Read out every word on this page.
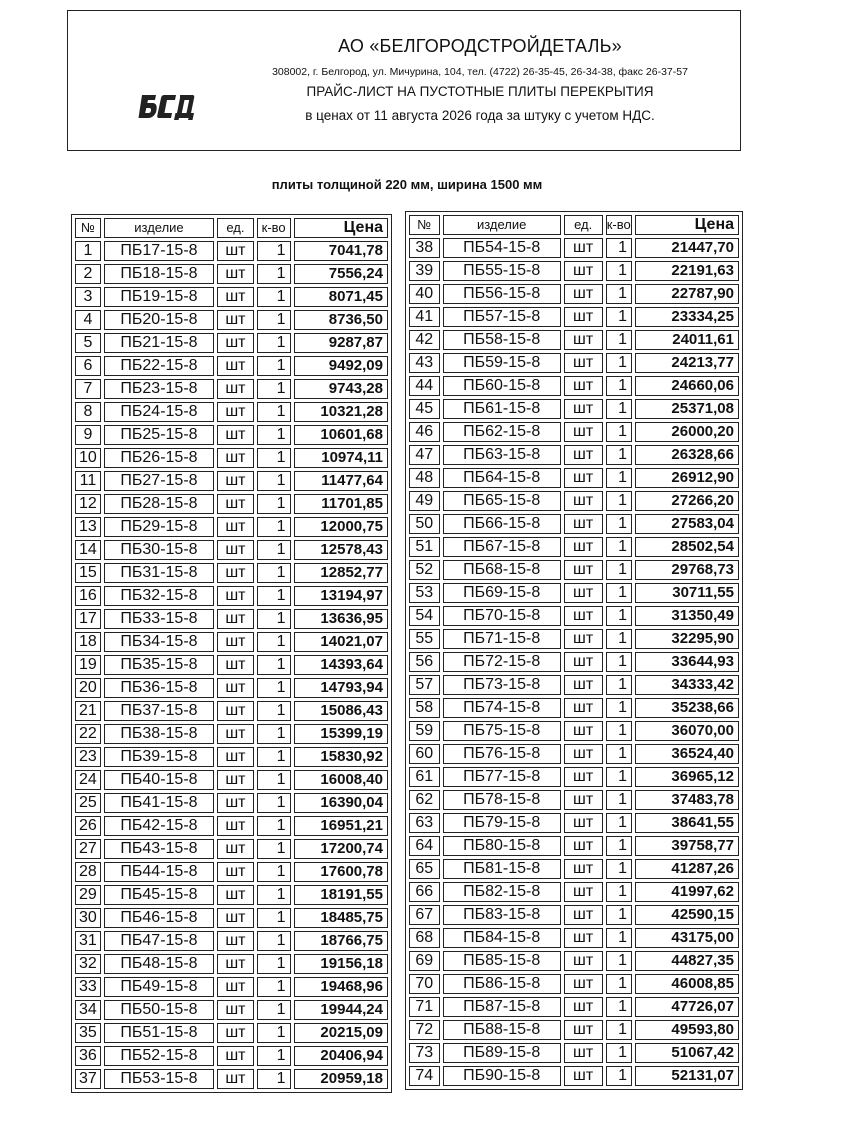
АО «БЕЛГОРОДСТРОЙДЕТАЛЬ»
308002, г. Белгород, ул. Мичурина, 104, тел. (4722) 26-35-45, 26-34-38, факс 26-37-57
ПРАЙС-ЛИСТ НА ПУСТОТНЫЕ ПЛИТЫ ПЕРЕКРЫТИЯ
в ценах от 11 августа 2026 года за штуку с учетом НДС.
плиты толщиной 220 мм, ширина 1500 мм
№	изделие	ед.	к-во	Цена
1	ПБ17-15-8	шт	1	7041,78
2	ПБ18-15-8	шт	1	7556,24
3	ПБ19-15-8	шт	1	8071,45
4	ПБ20-15-8	шт	1	8736,50
5	ПБ21-15-8	шт	1	9287,87
6	ПБ22-15-8	шт	1	9492,09
7	ПБ23-15-8	шт	1	9743,28
8	ПБ24-15-8	шт	1	10321,28
9	ПБ25-15-8	шт	1	10601,68
10	ПБ26-15-8	шт	1	10974,11
11	ПБ27-15-8	шт	1	11477,64
12	ПБ28-15-8	шт	1	11701,85
13	ПБ29-15-8	шт	1	12000,75
14	ПБ30-15-8	шт	1	12578,43
15	ПБ31-15-8	шт	1	12852,77
16	ПБ32-15-8	шт	1	13194,97
17	ПБ33-15-8	шт	1	13636,95
18	ПБ34-15-8	шт	1	14021,07
19	ПБ35-15-8	шт	1	14393,64
20	ПБ36-15-8	шт	1	14793,94
21	ПБ37-15-8	шт	1	15086,43
22	ПБ38-15-8	шт	1	15399,19
23	ПБ39-15-8	шт	1	15830,92
24	ПБ40-15-8	шт	1	16008,40
25	ПБ41-15-8	шт	1	16390,04
26	ПБ42-15-8	шт	1	16951,21
27	ПБ43-15-8	шт	1	17200,74
28	ПБ44-15-8	шт	1	17600,78
29	ПБ45-15-8	шт	1	18191,55
30	ПБ46-15-8	шт	1	18485,75
31	ПБ47-15-8	шт	1	18766,75
32	ПБ48-15-8	шт	1	19156,18
33	ПБ49-15-8	шт	1	19468,96
34	ПБ50-15-8	шт	1	19944,24
35	ПБ51-15-8	шт	1	20215,09
36	ПБ52-15-8	шт	1	20406,94
37	ПБ53-15-8	шт	1	20959,18
№	изделие	ед.	к-во	Цена
38	ПБ54-15-8	шт	1	21447,70
39	ПБ55-15-8	шт	1	22191,63
40	ПБ56-15-8	шт	1	22787,90
41	ПБ57-15-8	шт	1	23334,25
42	ПБ58-15-8	шт	1	24011,61
43	ПБ59-15-8	шт	1	24213,77
44	ПБ60-15-8	шт	1	24660,06
45	ПБ61-15-8	шт	1	25371,08
46	ПБ62-15-8	шт	1	26000,20
47	ПБ63-15-8	шт	1	26328,66
48	ПБ64-15-8	шт	1	26912,90
49	ПБ65-15-8	шт	1	27266,20
50	ПБ66-15-8	шт	1	27583,04
51	ПБ67-15-8	шт	1	28502,54
52	ПБ68-15-8	шт	1	29768,73
53	ПБ69-15-8	шт	1	30711,55
54	ПБ70-15-8	шт	1	31350,49
55	ПБ71-15-8	шт	1	32295,90
56	ПБ72-15-8	шт	1	33644,93
57	ПБ73-15-8	шт	1	34333,42
58	ПБ74-15-8	шт	1	35238,66
59	ПБ75-15-8	шт	1	36070,00
60	ПБ76-15-8	шт	1	36524,40
61	ПБ77-15-8	шт	1	36965,12
62	ПБ78-15-8	шт	1	37483,78
63	ПБ79-15-8	шт	1	38641,55
64	ПБ80-15-8	шт	1	39758,77
65	ПБ81-15-8	шт	1	41287,26
66	ПБ82-15-8	шт	1	41997,62
67	ПБ83-15-8	шт	1	42590,15
68	ПБ84-15-8	шт	1	43175,00
69	ПБ85-15-8	шт	1	44827,35
70	ПБ86-15-8	шт	1	46008,85
71	ПБ87-15-8	шт	1	47726,07
72	ПБ88-15-8	шт	1	49593,80
73	ПБ89-15-8	шт	1	51067,42
74	ПБ90-15-8	шт	1	52131,07
